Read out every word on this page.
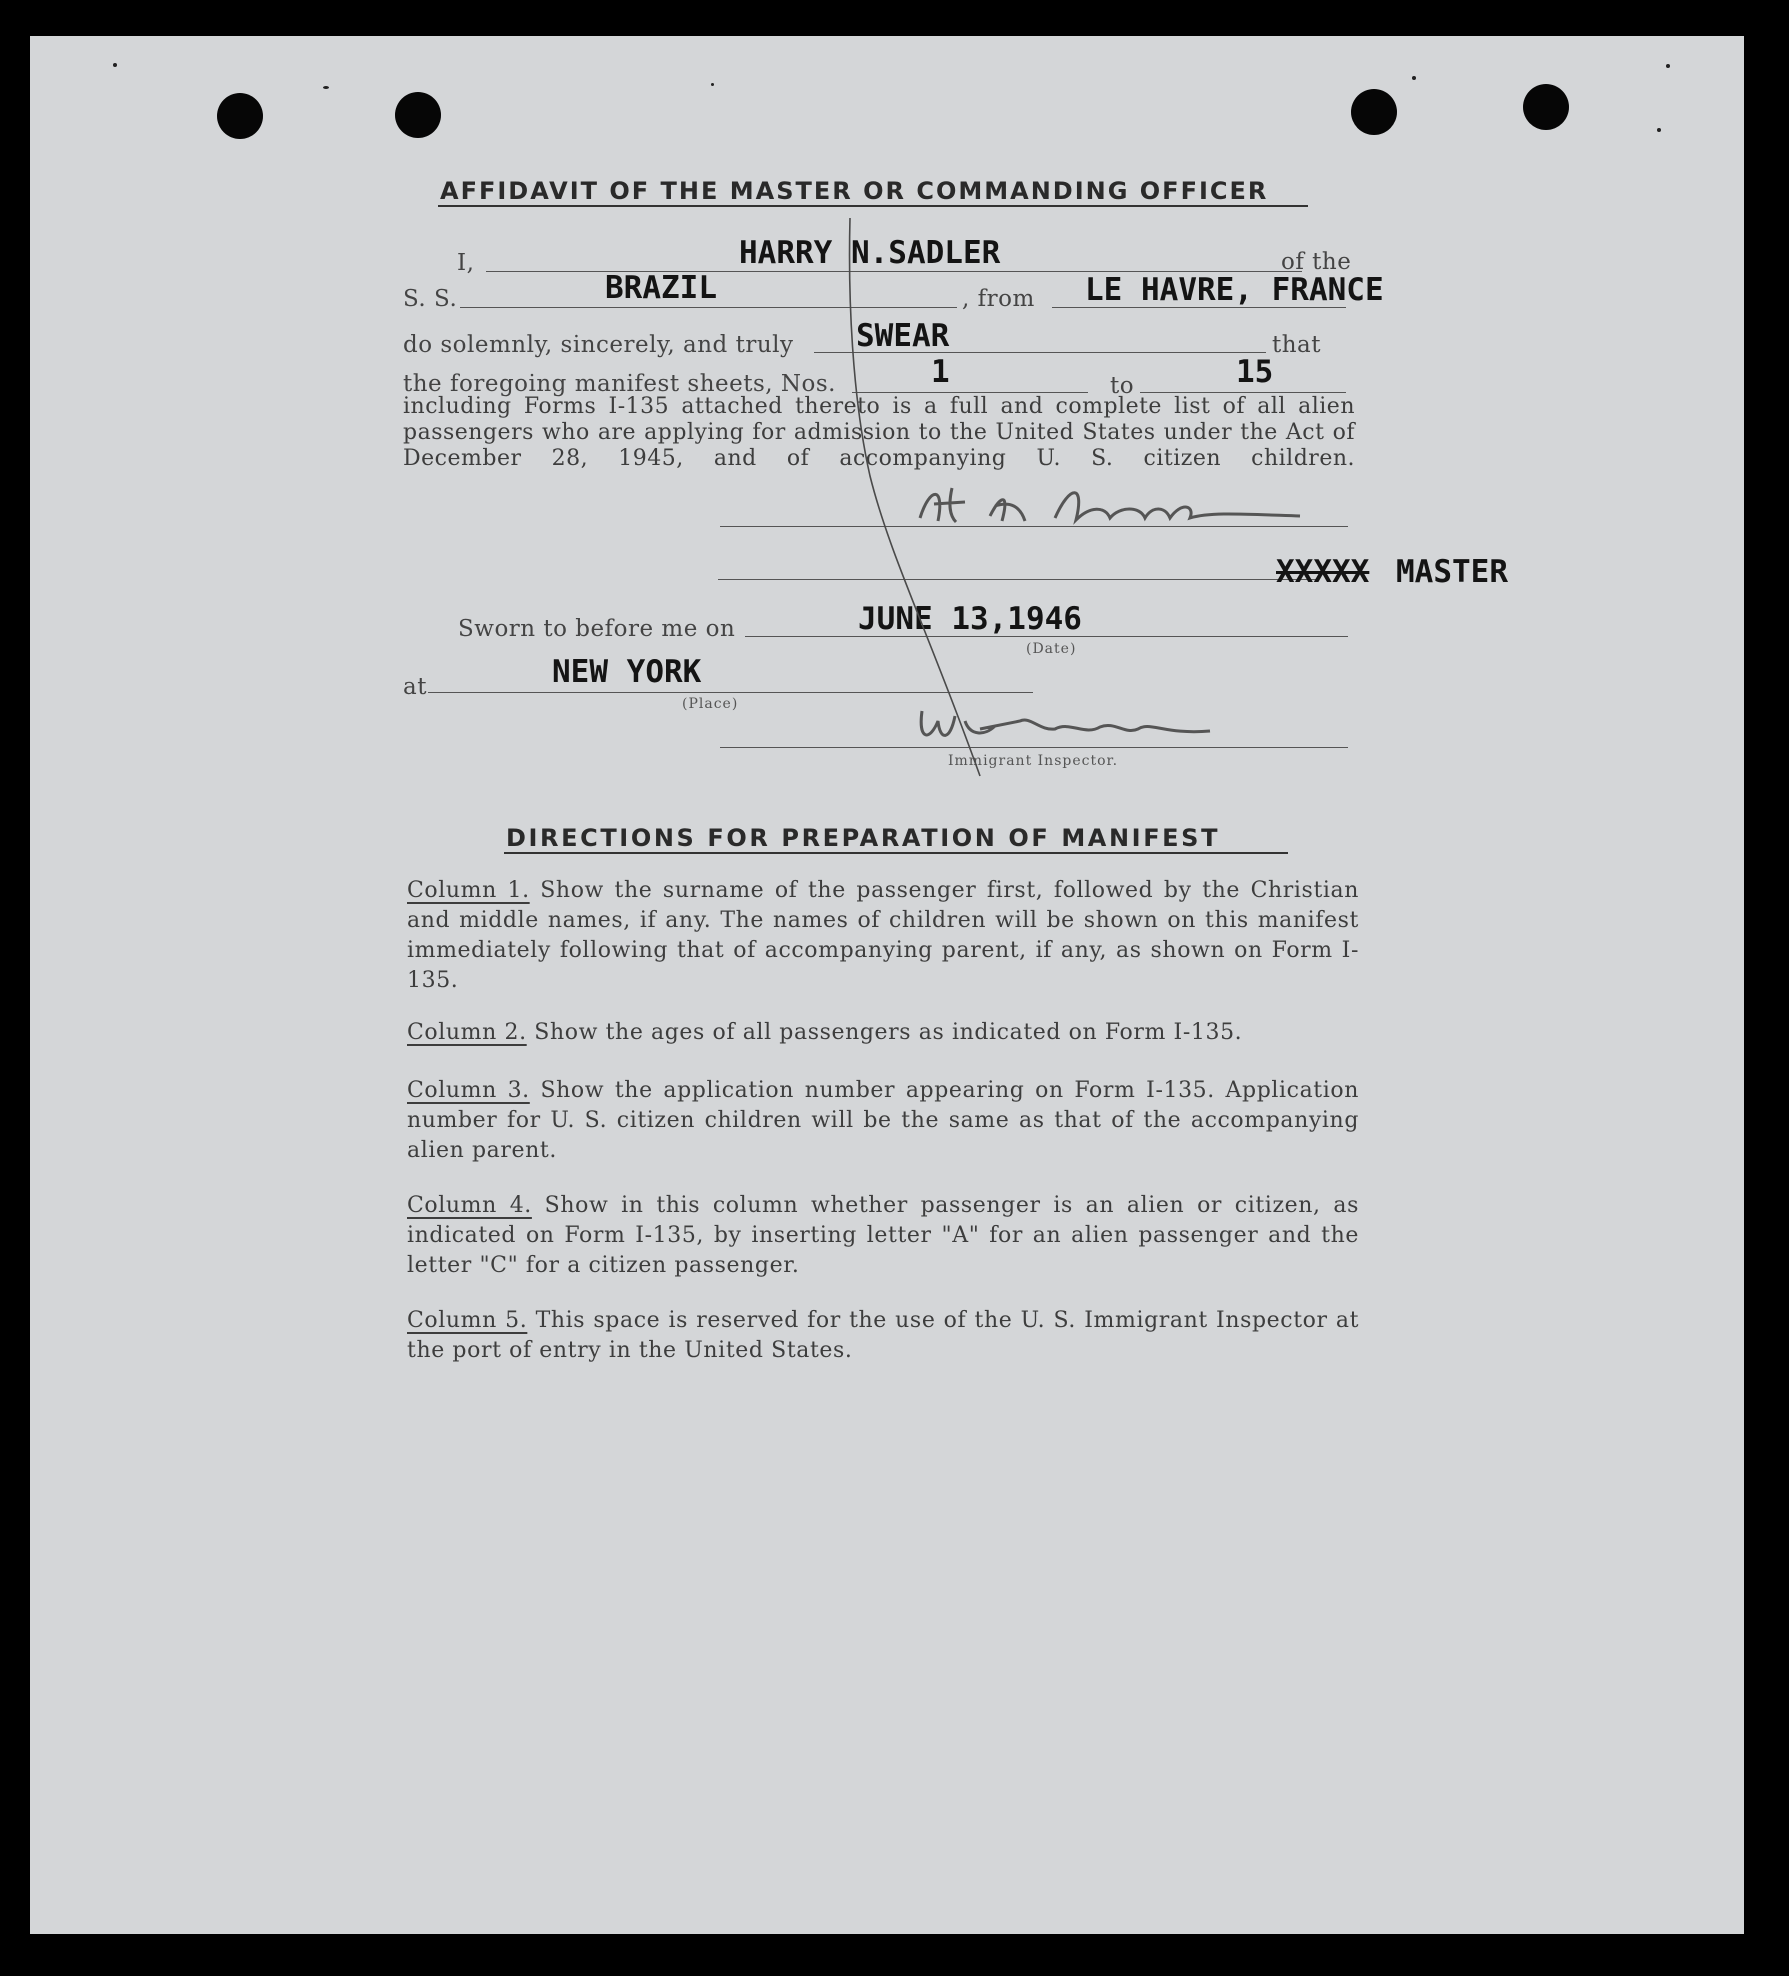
AFFIDAVIT OF THE MASTER OR COMMANDING OFFICER
I,	HARRY N.SADLER	of the
S. S.	BRAZIL	, from LE HAVRE, FRANCE
do solemnly, sincerely, and truly SWEAR	that
the foregoing manifest sheets, Nos.	1	to	15
including Forms I-135 attached thereto is a full and complete list of all alien passengers who are applying for admission to the United States under the Act of December 28, 1945, and of accompanying U. S. citizen children.
XXXXX MASTER
Sworn to before me on	JUNE 13,1946
(Date)
at	NEW YORK
(Place)
Immigrant Inspector.
DIRECTIONS FOR PREPARATION OF MANIFEST
Column 1. Show the surname of the passenger first, followed by the Christian and middle names, if any. The names of children will be shown on this manifest immediately following that of accompanying parent, if any, as shown on Form I-135.
Column 2. Show the ages of all passengers as indicated on Form I-135.
Column 3. Show the application number appearing on Form I-135. Application number for U. S. citizen children will be the same as that of the accompanying alien parent.
Column 4. Show in this column whether passenger is an alien or citizen, as indicated on Form I-135, by inserting letter "A" for an alien passenger and the letter "C" for a citizen passenger.
Column 5. This space is reserved for the use of the U. S. Immigrant Inspector at the port of entry in the United States.
